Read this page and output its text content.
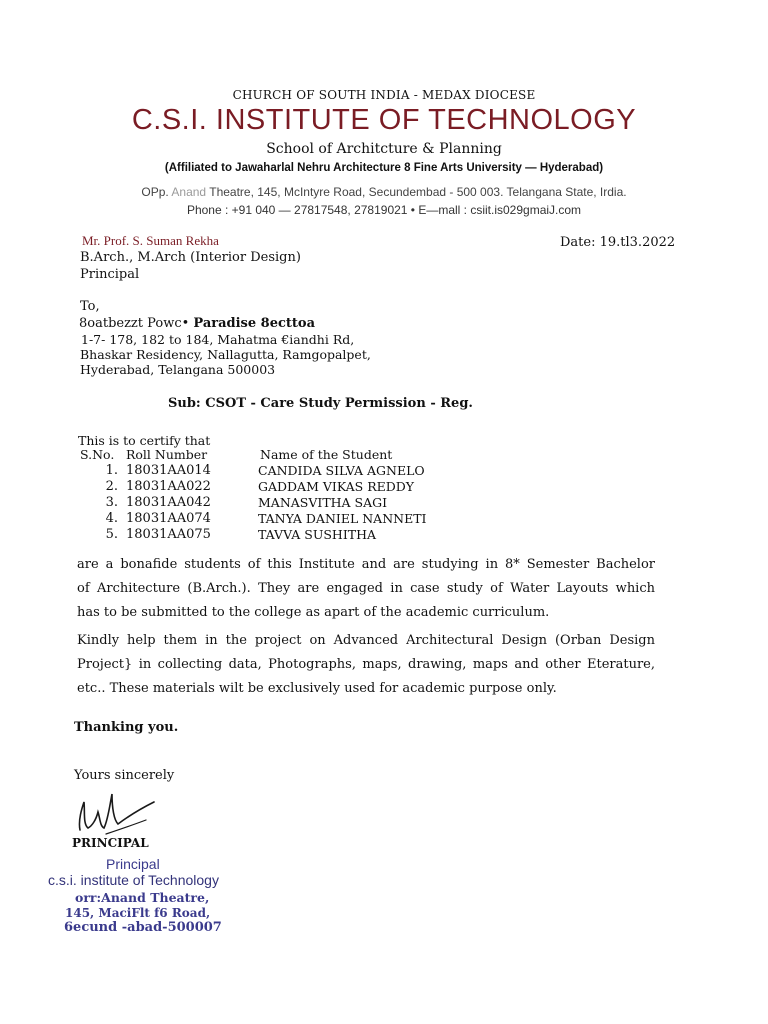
CHURCH OF SOUTH INDIA - MEDAX DIOCESE
C.S.I. INSTITUTE OF TECHNOLOGY
School of Architcture & Planning
(Affiliated to Jawaharlal Nehru Architecture 8 Fine Arts University — Hyderabad)
OPp. Anand Theatre, 145, McIntyre Road, Secundembad - 500 003. Telangana State, Irdia.
Phone : +91 040 — 27817548, 27819021 • E—mall : csiit.is029gmaiJ.com
Mr. Prof. S. Suman Rekha
B.Arch., M.Arch (Interior Design)
Principal
Date: 19.tl3.2022
To,
8oatbezzt Powc• Paradise 8ecttoa
1-7- 178, 182 to 184, Mahatma €iandhi Rd,
Bhaskar Residency, Nallagutta, Ramgopalpet,
Hyderabad, Telangana 500003
Sub: CSOT - Care Study Permission - Reg.
This is to certify that
S.No. Roll Number	Name of the Student
1. 18031AA014	CANDIDA SILVA AGNELO
2. 18031AA022	GADDAM VIKAS REDDY
3. 18031AA042	MANASVITHA SAGI
4. 18031AA074	TANYA DANIEL NANNETI
5. 18031AA075	TAVVA SUSHITHA
are a bonafide students of this Institute and are studying in 8* Semester Bachelor
of Architecture (B.Arch.). They are engaged in case study of Water Layouts which
has to be submitted to the college as apart of the academic curriculum.
Kindly help them in the project on Advanced Architectural Design (Orban Design
Project} in collecting data, Photographs, maps, drawing, maps and other Eterature,
etc.. These materials wilt be exclusively used for academic purpose only.
Thanking you.
Yours sincerely
PRINCIPAL
Principal
c.s.i. institute of Technology
orr:Anand Theatre,
145, MaciFlt f6 Road,
6ecund -abad-500007
